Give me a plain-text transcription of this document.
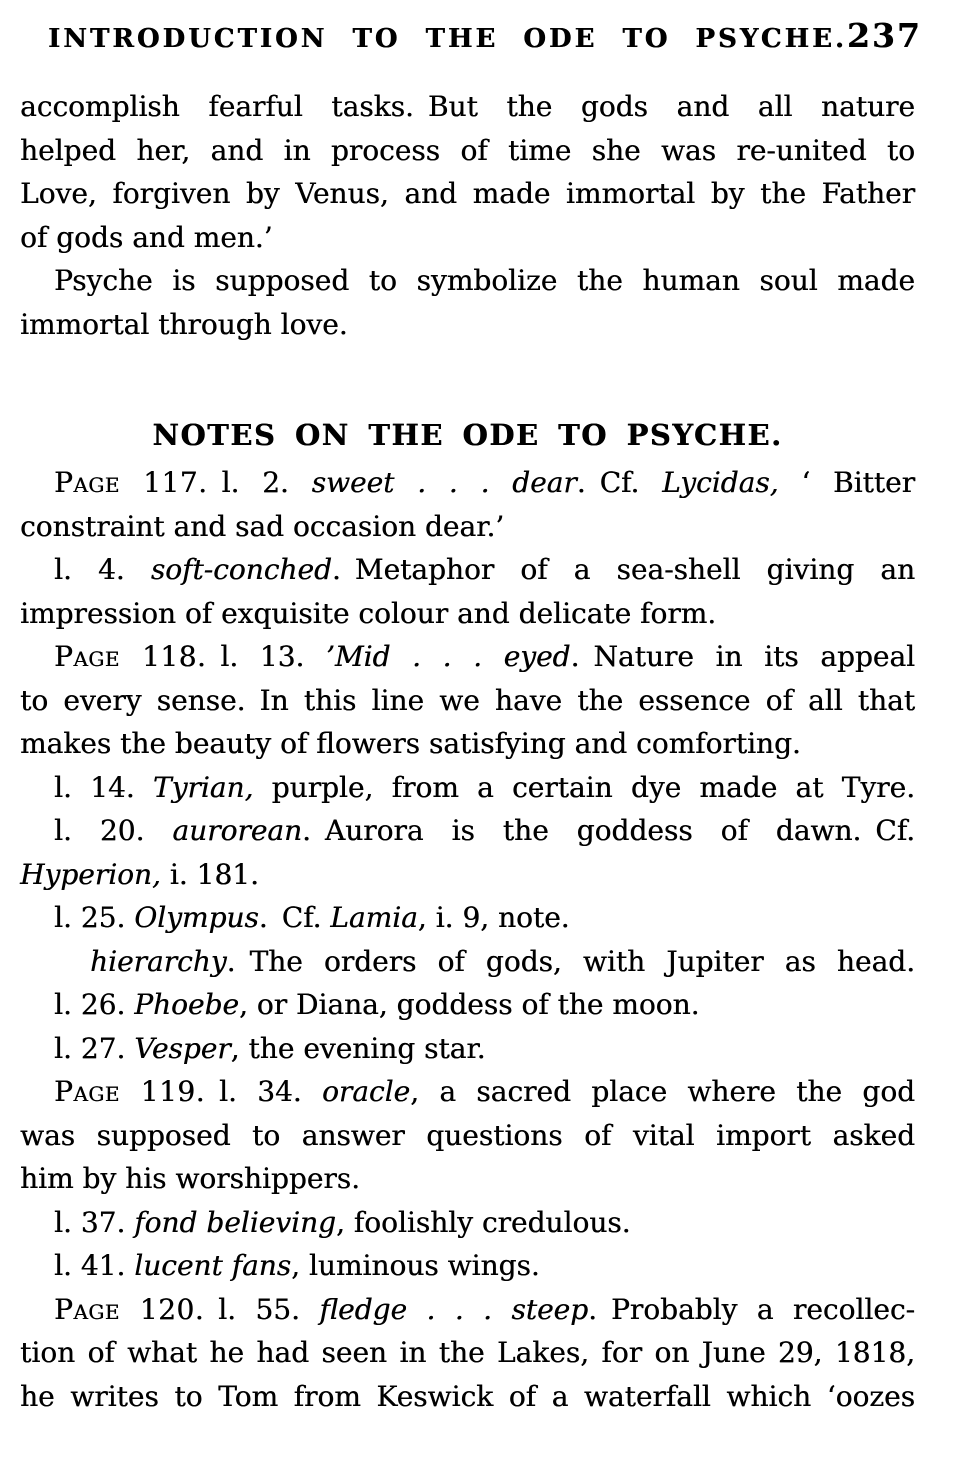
INTRODUCTION TO THE ODE TO PSYCHE. 237
accomplish fearful tasks. But the gods and all nature
helped her, and in process of time she was re-united to
Love, forgiven by Venus, and made immortal by the Father
of gods and men.’
Psyche is supposed to symbolize the human soul made
immortal through love.
NOTES ON THE ODE TO PSYCHE.
Page 117. l. 2. sweet . . . dear. Cf. Lycidas, ‘ Bitter
constraint and sad occasion dear.’
l. 4. soft-conched. Metaphor of a sea-shell giving an
impression of exquisite colour and delicate form.
Page 118. l. 13. ’Mid . . . eyed. Nature in its appeal
to every sense. In this line we have the essence of all that
makes the beauty of flowers satisfying and comforting.
l. 14. Tyrian, purple, from a certain dye made at Tyre.
l. 20. aurorean. Aurora is the goddess of dawn. Cf.
Hyperion, i. 181.
l. 25. Olympus. Cf. Lamia, i. 9, note.
hierarchy. The orders of gods, with Jupiter as head.
l. 26. Phoebe, or Diana, goddess of the moon.
l. 27. Vesper, the evening star.
Page 119. l. 34. oracle, a sacred place where the god
was supposed to answer questions of vital import asked
him by his worshippers.
l. 37. fond believing, foolishly credulous.
l. 41. lucent fans, luminous wings.
Page 120. l. 55. fledge . . . steep. Probably a recollec-
tion of what he had seen in the Lakes, for on June 29, 1818,
he writes to Tom from Keswick of a waterfall which ‘oozes
